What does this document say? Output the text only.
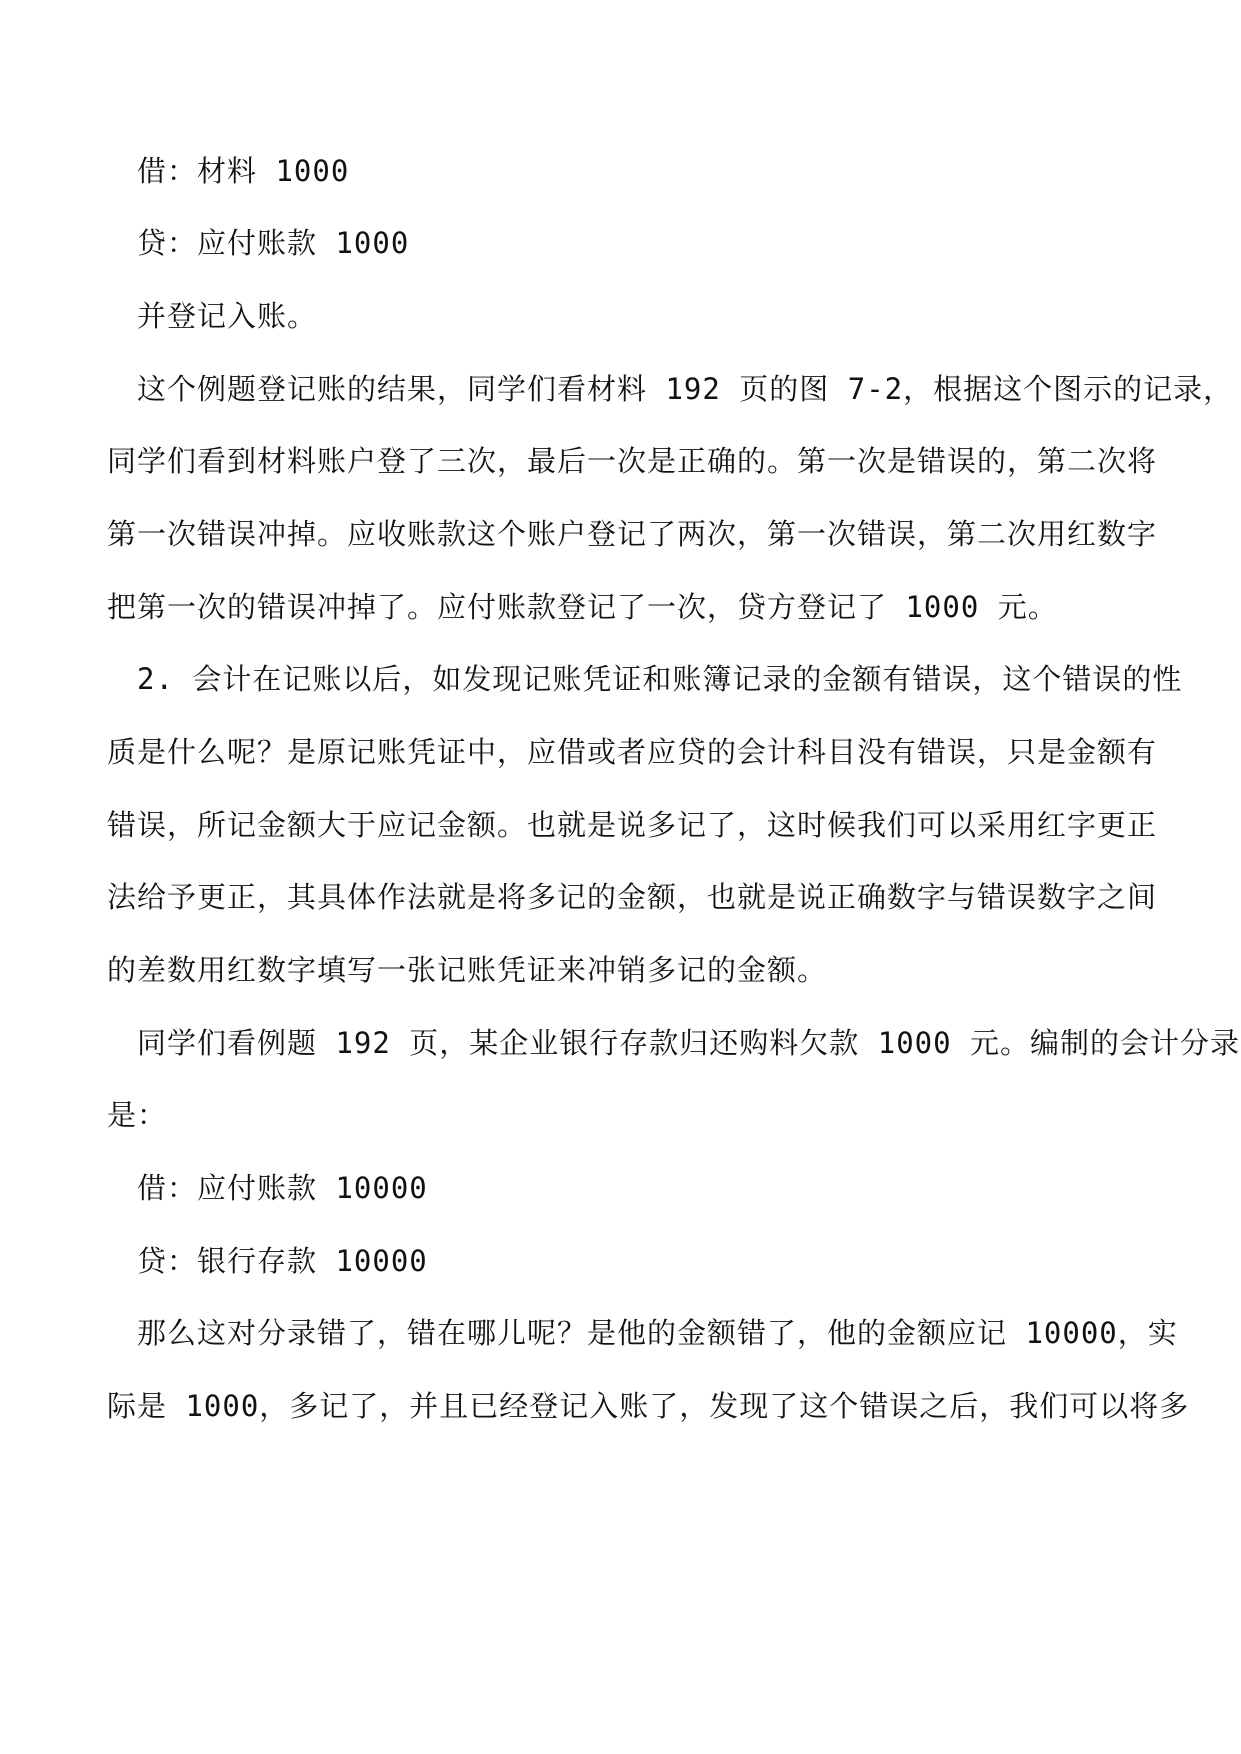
借：材料 1000

贷：应付账款 1000

并登记入账。

这个例题登记账的结果，同学们看材料 192 页的图 7-2，根据这个图示的记录，

同学们看到材料账户登了三次，最后一次是正确的。第一次是错误的，第二次将

第一次错误冲掉。应收账款这个账户登记了两次，第一次错误，第二次用红数字

把第一次的错误冲掉了。应付账款登记了一次，贷方登记了 1000 元。

2. 会计在记账以后，如发现记账凭证和账簿记录的金额有错误，这个错误的性

质是什么呢？是原记账凭证中，应借或者应贷的会计科目没有错误，只是金额有

错误，所记金额大于应记金额。也就是说多记了，这时候我们可以采用红字更正

法给予更正，其具体作法就是将多记的金额，也就是说正确数字与错误数字之间

的差数用红数字填写一张记账凭证来冲销多记的金额。

同学们看例题 192 页，某企业银行存款归还购料欠款 1000 元。编制的会计分录

是：

借：应付账款 10000

贷：银行存款 10000

那么这对分录错了，错在哪儿呢？是他的金额错了，他的金额应记 10000，实

际是 1000，多记了，并且已经登记入账了，发现了这个错误之后，我们可以将多
